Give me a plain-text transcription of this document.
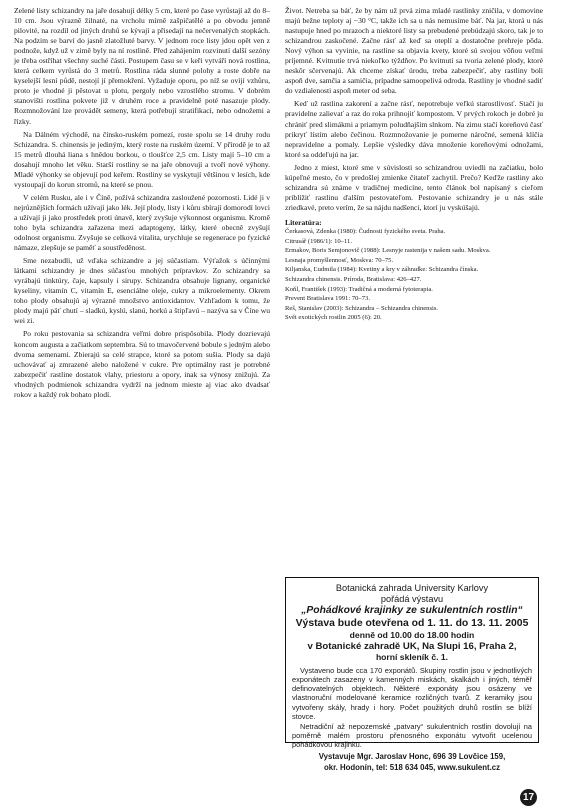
Zelené listy schizandry na jaře dosahují délky 5 cm, které po čase vyrůstají až do 8–10 cm. Jsou výrazně žilnaté, na vrcholu mírně zašpičatělé a po obvodu jemně pilovité, na rozdíl od jiných druhů se kývají a přisedají na nečervenalých stopkách. Na podzim se barví do jasně zlatožluté barvy. V jednom roce listy jdou opět ven z podnože, když už v zimě byly na ní rostlině. Před zahájením rozvinutí další sezóny je třeba ostříhat všechny suché části. Postupem času se v keři vytváří nová rostlina, která celkem vyrůstá do 3 metrů. Rostlina ráda slunné polohy a roste dobře na kyselejší lesní půdě, nestojí jí přemokření. Vyžaduje oporu, po níž se ovíjí vzhůru, proto je vhodné ji pěstovat u plotu, pergoly nebo vzrostlého stromu. V dobrém stanovišti rostlina pokvete již v druhém roce a pravidelně poté nasazuje plody. Rozmnožování lze provádět semeny, která potřebují stratifikaci, nebo odnožemi a řízky.

Na Dálném východě, na čínsko-ruském pomezí, roste spolu se 14 druhy rodu Schizandra. S. chinensis je jediným, který roste na ruském území. V přírodě je to až 15 metrů dlouhá liana s hnědou borkou, o tloušťce 2,5 cm. Listy mají 5–10 cm a dosahují mnoho let věku. Starší rostliny se na jaře obnovují a tvoří nové výhony. Mladé výhonky se objevují pod keřem. Rostliny se vyskytují většinou v lesích, kde vystoupají do korun stromů, na které se pnou.

V celém Rusku, ale i v Číně, požívá schizandra zasloužené pozornosti. Lidé ji v nejrůznějších formách užívají jako lék. Její plody, listy i kůru sbírají domorodí lovci a užívají ji jako prostředek proti únavě, který zvyšuje výkonnost organismu. Kromě toho byla schizandra zařazena mezi adaptogeny, látky, které obecně zvyšují odolnost organismu. Zvyšuje se celková vitalita, urychluje se regenerace po fyzické námaze, zlepšuje se paměť a soustředěnost.

Sme nezabudli, už vďaka schizandre a jej súčastiam. Výťažok s účinnými látkami schizandry je dnes súčasťou mnohých prípravkov. Zo schizandry sa vyrábajú tinktúry, čaje, kapsuly i sirupy. Schizandra obsahuje lignany, organické kyseliny, vitamín C, vitamín E, esenciálne oleje, cukry a mikroelementy. Okrem toho plody obsahujú aj výrazné množstvo antioxidantov. Vzhľadom k tomu, že plody majú päť chutí – sladkú, kyslú, slanú, horkú a štipľavú – nazýva sa v Číne wu wei zi.

Po roku pestovania sa schizandra veľmi dobre prispôsobila. Plody dozrievajú koncom augusta a začiatkom septembra. Sú to tmavočervené bobule s jedným alebo dvoma semenami. Zbierajú sa celé strapce, ktoré sa potom sušia. Plody sa dajú uchovávať aj zmrazené alebo naložené v cukre. Pre optimálny rast je potrebné zabezpečiť rastline dostatok vlahy, priestoru a opory, inak sa výnosy znižujú. Za vhodných podmienok schizandra vydrží na jednom mieste aj viac ako dvadsať rokov a každý rok bohato plodí.

Život. Netreba sa báť, že by nám už prvá zima mladé rastlinky zničila, v domovine majú bežne teploty aj −30 °C, takže ich sa u nás nemusíme báť. Na jar, ktorá u nás nastupuje hned po mrazoch a niektoré listy sa prebudené prebúdzajú skoro, tak je to schizandrou zaskočené. Začne rásť až keď sa oteplí a dostatočne prehreje pôda. Nový výhon sa vyvinie, na rastline sa objavia kvety, ktoré sú svojou vôňou veľmi príjemné. Kvitnutie trvá niekoľko týždňov. Po kvitnutí sa tvoria zelené plody, ktoré neskôr sčervenajú. Ak chceme získať úrodu, treba zabezpečiť, aby rastliny boli aspoň dve, samčia a samičia, prípadne samoopelivá odroda. Rastliny je vhodné sadiť do vzdialenosti aspoň meter od seba.

Keď už rastlina zakorení a začne rásť, nepotrebuje veľkú starostlivosť. Stačí ju pravidelne zalievať a raz do roka prihnojiť kompostom. V prvých rokoch je dobré ju chrániť pred slimákmi a priamym poludňajším slnkom. Na zimu stačí koreňovú časť prikryť lístím alebo čečinou. Rozmnožovanie je pomerne náročné, semená klíčia nepravidelne a pomaly. Lepšie výsledky dáva množenie koreňovými odnožami, ktoré sa oddeľujú na jar.

Jedno z miest, ktoré sme v súvislosti so schizandrou uviedli na začiatku, bolo kúpeľné mesto, čo v predošlej zmienke čitateľ zachytil. Prečo? Keďže rastliny ako schizandra sú známe v tradičnej medicíne, tento článok bol napísaný s cieľom priblížiť rastlinu ďalším pestovateľom. Pestovanie schizandry je u nás stále zriedkavé, preto verím, že sa nájdu nadšenci, ktorí ju vyskúšajú.

Literatúra:
Čerkasová, Zdenka (1980): Čudnosti fyzického sveta. Praha.
Citrusář (1986/1): 10–11.
Ermakov, Boris Semjonovič (1988): Lesnyje rastenija v našem sadu. Moskva.
Lesnaja promyšlennosť, Moskva: 70–75.
Kiljanska, Ľudmila (1984): Kvetiny a kry v záhradke: Schizandra čínska.
Schizandra chinensis. Príroda, Bratislava: 426–427.
Koňl, František (1993): Tradičná a moderná fytoterapia.
Prevent Bratislava 1991: 70–73.
Reš, Stanislav (2003): Schizandra – Schizandra chinensis.
Svět exotických rostlin 2005 (6): 20.
Botanická zahrada University Karlovy
pořádá výstavu
„Pohádkové krajinky ze sukulentních rostlin“
Výstava bude otevřena od 1. 11. do 13. 11. 2005
denně od 10.00 do 18.00 hodin
v Botanické zahradě UK, Na Slupi 16, Praha 2,
horní skleník č. 1.

Vystaveno bude cca 170 exponátů. Skupiny rostlin jsou v jednotlivých exponátech zasazeny v kamenných miskách, skalkách i jiných, téměř definovatelných objektech. Některé exponáty jsou osázeny ve vlastnoruční modelované keramice rozličných tvarů. Z keramiky jsou vytvořeny skály, hrady i hory. Počet použitých druhů rostlin se blíží stovce.

Netradiční až nepozemské „patvary“ sukulentních rostlin dovolují na poměrně malém prostoru přenosného exponátu vytvořit ucelenou pohádkovou krajinku.

Vystavuje Mgr. Jaroslav Honc, 696 39 Lovčice 159,
okr. Hodonín, tel: 518 634 045, www.sukulent.cz
17
